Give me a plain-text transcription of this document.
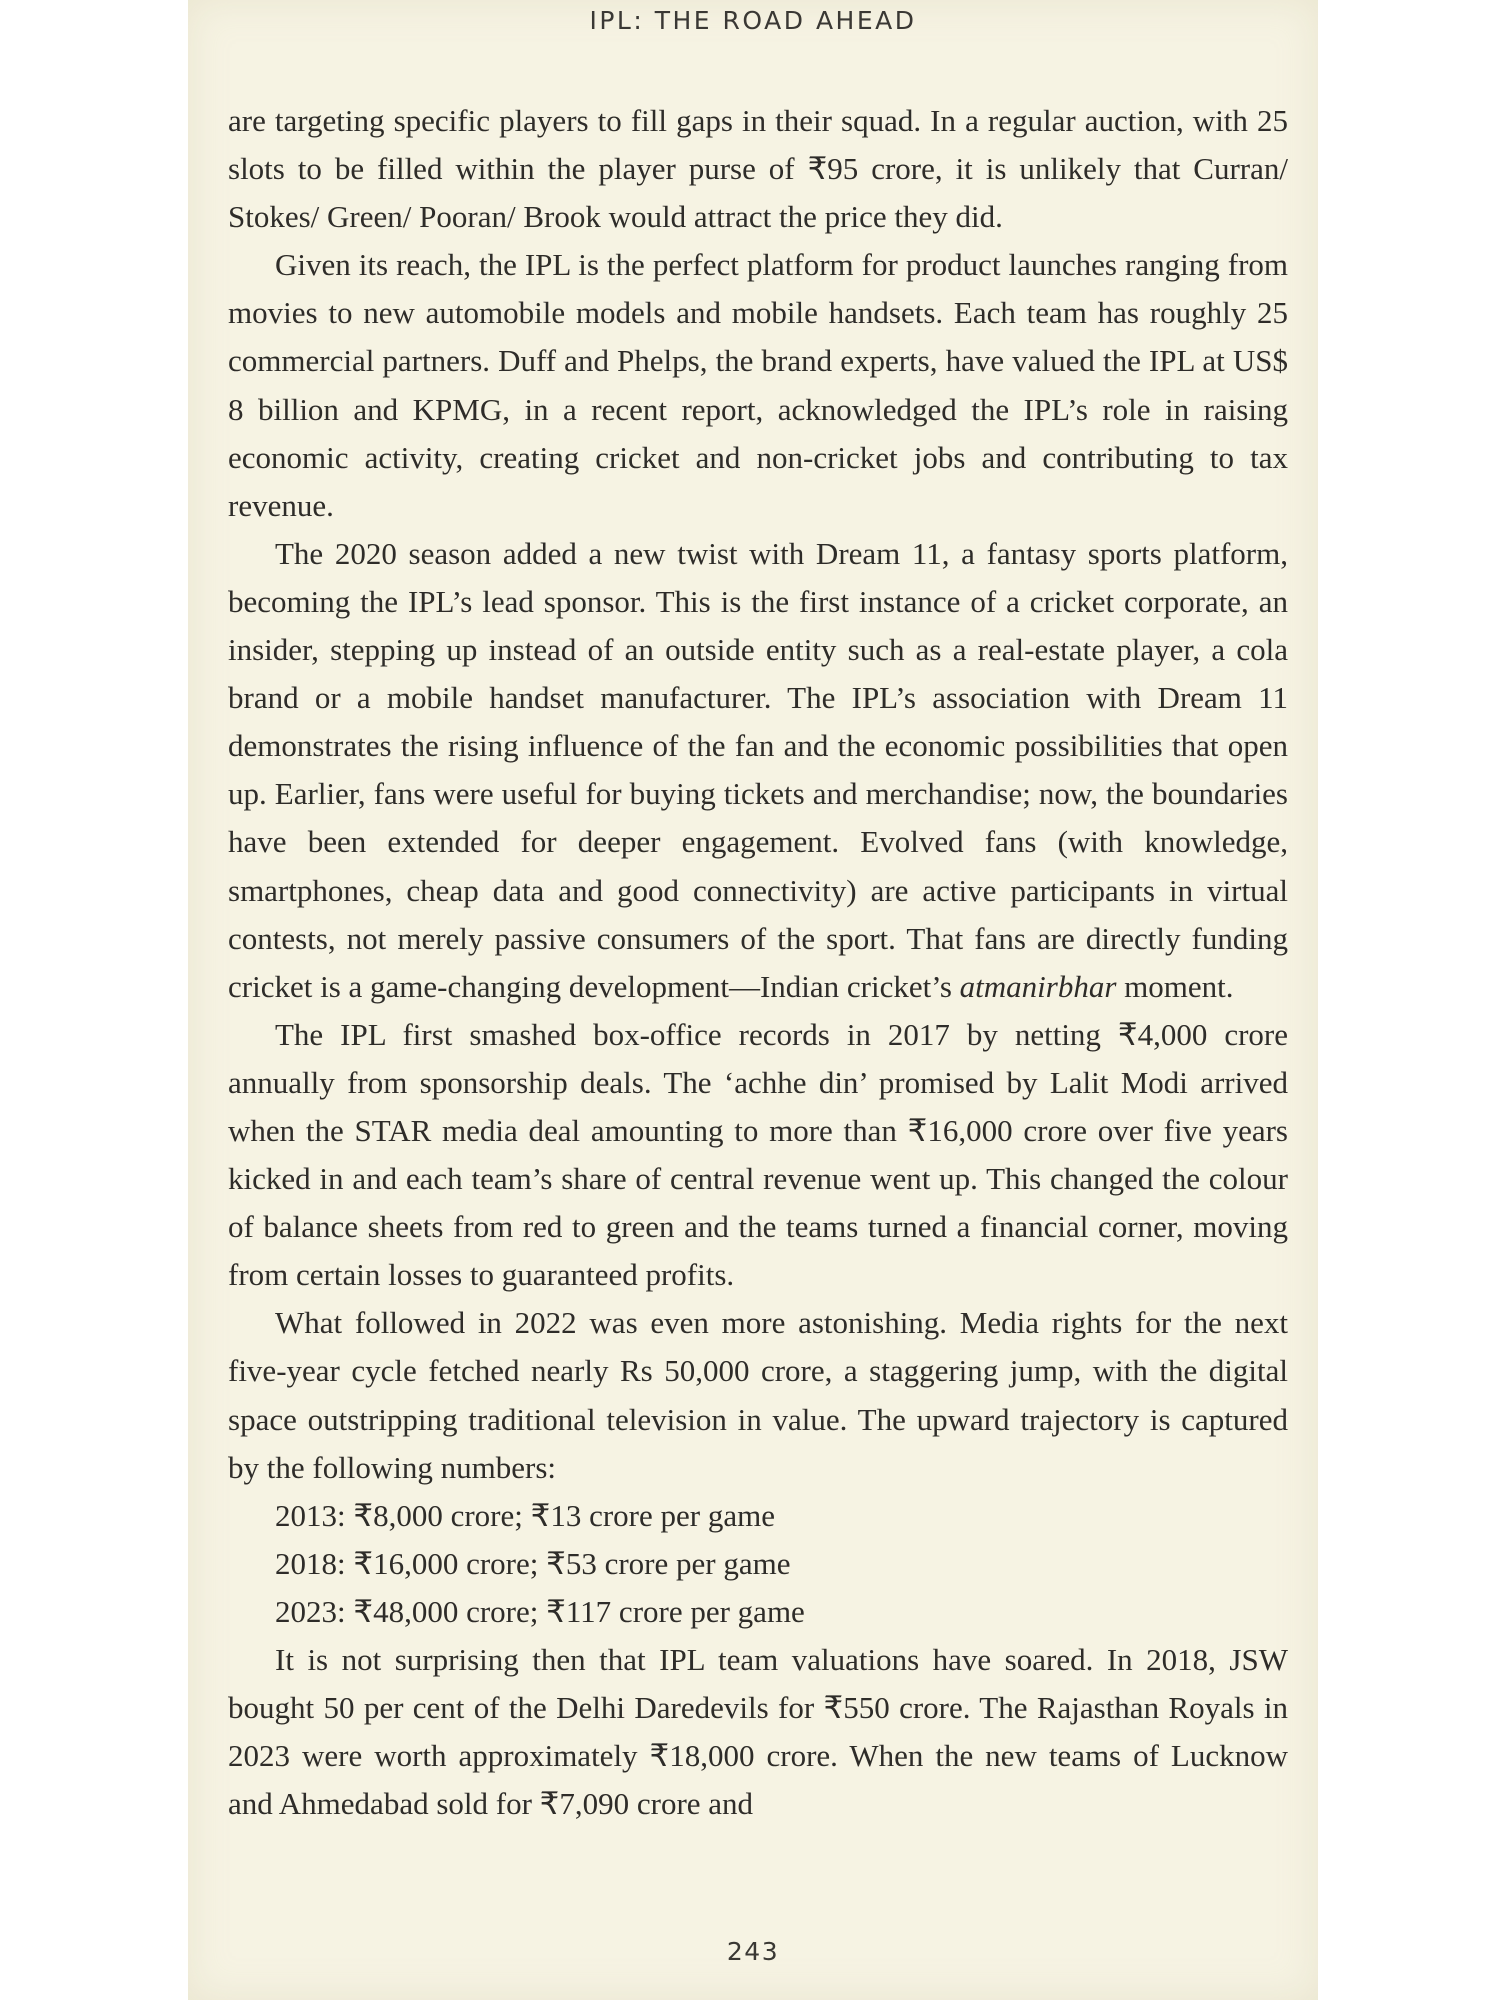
IPL: THE ROAD AHEAD

are targeting specific players to fill gaps in their squad. In a regular auction, with 25 slots to be filled within the player purse of ₹95 crore, it is unlikely that Curran/ Stokes/ Green/ Pooran/ Brook would attract the price they did.

Given its reach, the IPL is the perfect platform for product launches ranging from movies to new automobile models and mobile handsets. Each team has roughly 25 commercial partners. Duff and Phelps, the brand experts, have valued the IPL at US$ 8 billion and KPMG, in a recent report, acknowledged the IPL’s role in raising economic activity, creating cricket and non-cricket jobs and contributing to tax revenue.

The 2020 season added a new twist with Dream 11, a fantasy sports platform, becoming the IPL’s lead sponsor. This is the first instance of a cricket corporate, an insider, stepping up instead of an outside entity such as a real-estate player, a cola brand or a mobile handset manufacturer. The IPL’s association with Dream 11 demonstrates the rising influence of the fan and the economic possibilities that open up. Earlier, fans were useful for buying tickets and merchandise; now, the boundaries have been extended for deeper engagement. Evolved fans (with knowledge, smartphones, cheap data and good connectivity) are active participants in virtual contests, not merely passive consumers of the sport. That fans are directly funding cricket is a game-changing development—Indian cricket’s atmanirbhar moment.

The IPL first smashed box-office records in 2017 by netting ₹4,000 crore annually from sponsorship deals. The ‘achhe din’ promised by Lalit Modi arrived when the STAR media deal amounting to more than ₹16,000 crore over five years kicked in and each team’s share of central revenue went up. This changed the colour of balance sheets from red to green and the teams turned a financial corner, moving from certain losses to guaranteed profits.

What followed in 2022 was even more astonishing. Media rights for the next five-year cycle fetched nearly Rs 50,000 crore, a staggering jump, with the digital space outstripping traditional television in value. The upward trajectory is captured by the following numbers:

2013: ₹8,000 crore; ₹13 crore per game

2018: ₹16,000 crore; ₹53 crore per game

2023: ₹48,000 crore; ₹117 crore per game

It is not surprising then that IPL team valuations have soared. In 2018, JSW bought 50 per cent of the Delhi Daredevils for ₹550 crore. The Rajasthan Royals in 2023 were worth approximately ₹18,000 crore. When the new teams of Lucknow and Ahmedabad sold for ₹7,090 crore and

243
